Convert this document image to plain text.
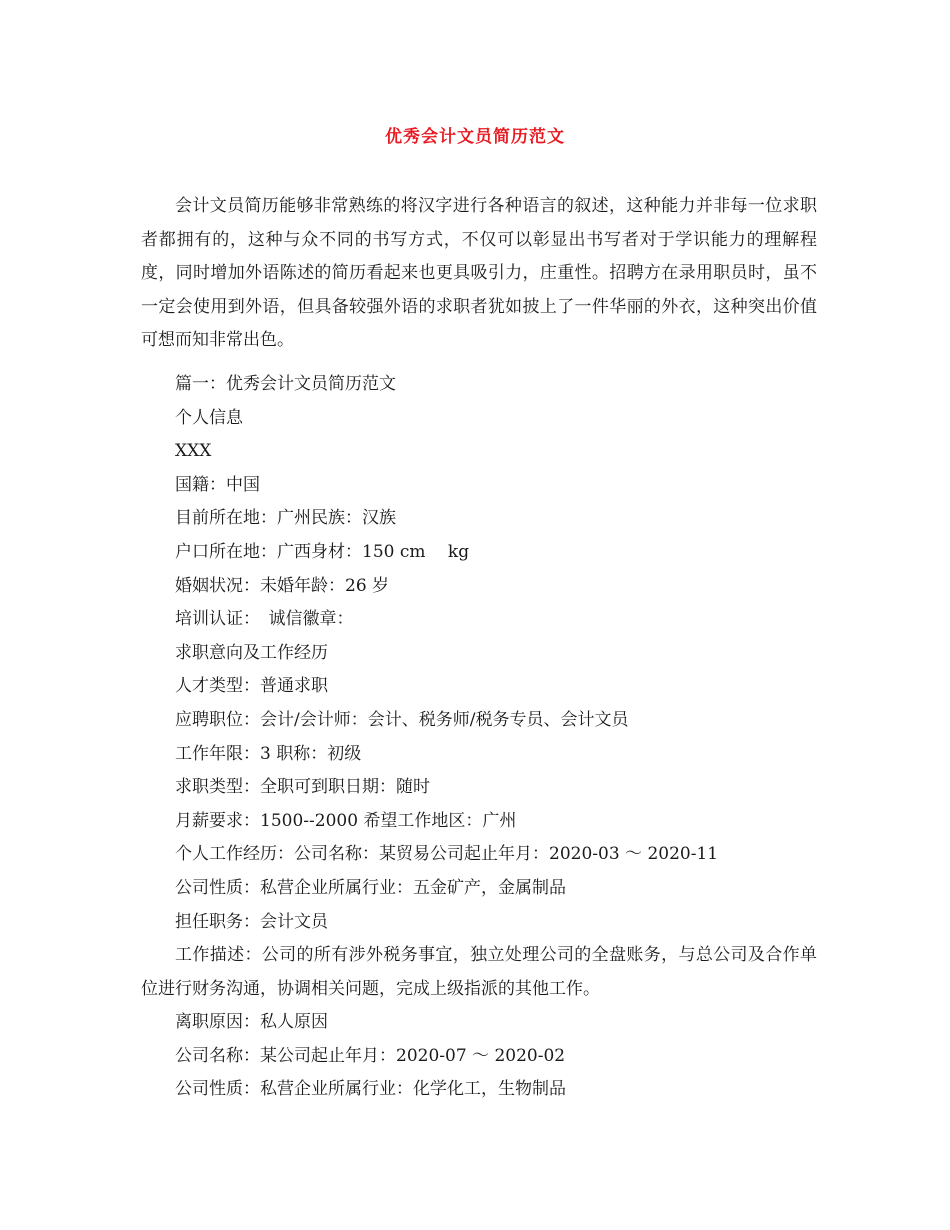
优秀会计文员简历范文

会计文员简历能够非常熟练的将汉字进行各种语言的叙述，这种能力并非每一位求职者都拥有的，这种与众不同的书写方式，不仅可以彰显出书写者对于学识能力的理解程度，同时增加外语陈述的简历看起来也更具吸引力，庄重性。招聘方在录用职员时，虽不一定会使用到外语，但具备较强外语的求职者犹如披上了一件华丽的外衣，这种突出价值可想而知非常出色。

篇一：优秀会计文员简历范文
个人信息
XXX
国籍：中国
目前所在地：广州民族：汉族
户口所在地：广西身材：150 cm　 kg
婚姻状况：未婚年龄：26 岁
培训认证：　诚信徽章：
求职意向及工作经历
人才类型：普通求职
应聘职位：会计/会计师：会计、税务师/税务专员、会计文员
工作年限：3 职称：初级
求职类型：全职可到职日期：随时
月薪要求：1500--2000 希望工作地区：广州
个人工作经历：公司名称：某贸易公司起止年月：2020-03 ～ 2020-11
公司性质：私营企业所属行业：五金矿产，金属制品
担任职务：会计文员
工作描述：公司的所有涉外税务事宜，独立处理公司的全盘账务，与总公司及合作单位进行财务沟通，协调相关问题，完成上级指派的其他工作。
离职原因：私人原因
公司名称：某公司起止年月：2020-07 ～ 2020-02
公司性质：私营企业所属行业：化学化工，生物制品
